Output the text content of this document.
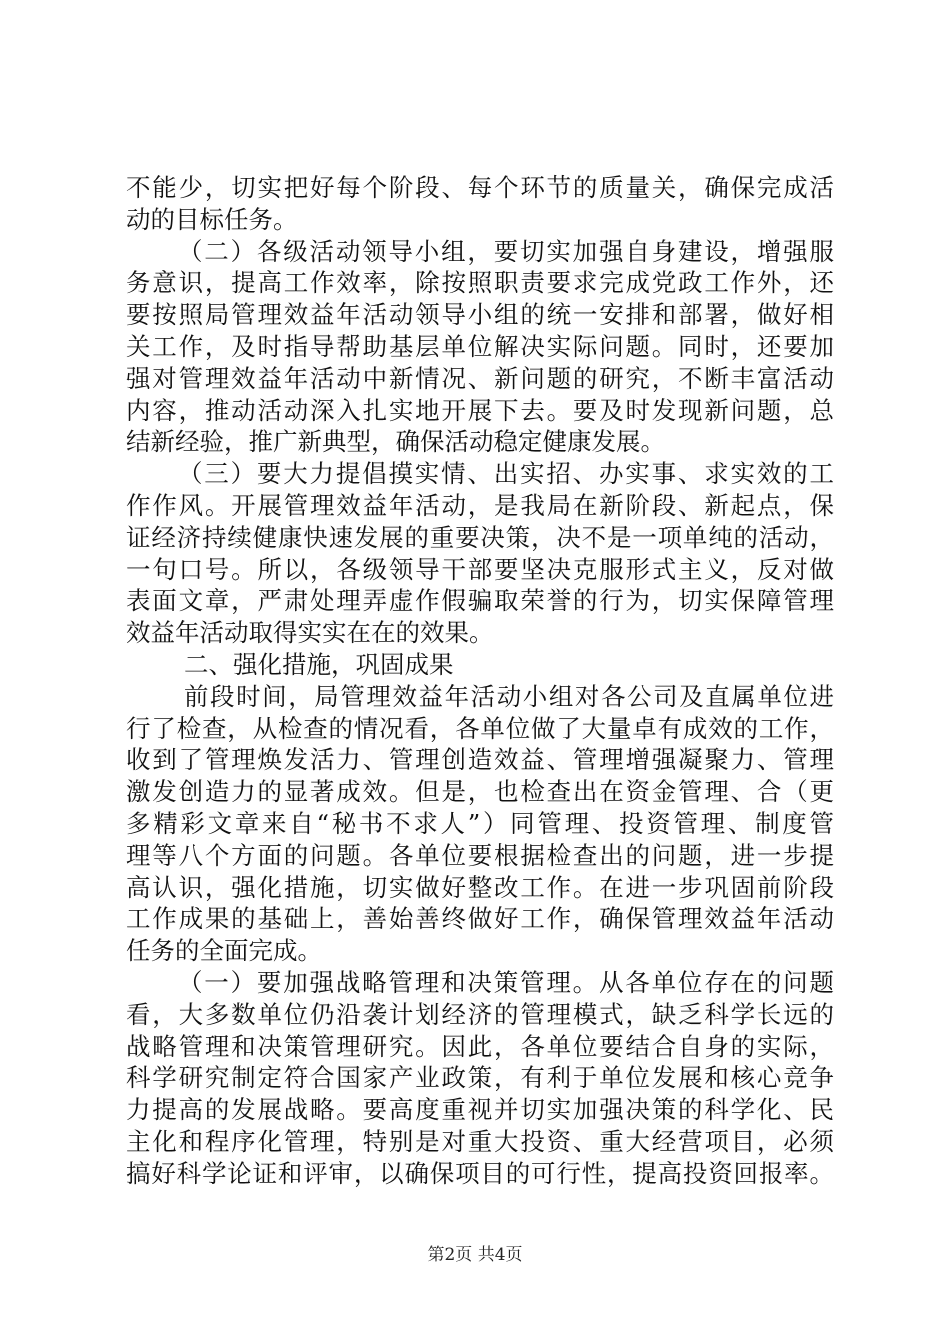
不能少，切实把好每个阶段、每个环节的质量关，确保完成活
动的目标任务。
（二）各级活动领导小组，要切实加强自身建设，增强服
务意识，提高工作效率，除按照职责要求完成党政工作外，还
要按照局管理效益年活动领导小组的统一安排和部署，做好相
关工作，及时指导帮助基层单位解决实际问题。同时，还要加
强对管理效益年活动中新情况、新问题的研究，不断丰富活动
内容，推动活动深入扎实地开展下去。要及时发现新问题，总
结新经验，推广新典型，确保活动稳定健康发展。
（三）要大力提倡摸实情、出实招、办实事、求实效的工
作作风。开展管理效益年活动，是我局在新阶段、新起点，保
证经济持续健康快速发展的重要决策，决不是一项单纯的活动，
一句口号。所以，各级领导干部要坚决克服形式主义，反对做
表面文章，严肃处理弄虚作假骗取荣誉的行为，切实保障管理
效益年活动取得实实在在的效果。
二、强化措施，巩固成果
前段时间，局管理效益年活动小组对各公司及直属单位进
行了检查，从检查的情况看，各单位做了大量卓有成效的工作，
收到了管理焕发活力、管理创造效益、管理增强凝聚力、管理
激发创造力的显著成效。但是，也检查出在资金管理、合（更
多精彩文章来自“秘书不求人”）同管理、投资管理、制度管
理等八个方面的问题。各单位要根据检查出的问题，进一步提
高认识，强化措施，切实做好整改工作。在进一步巩固前阶段
工作成果的基础上，善始善终做好工作，确保管理效益年活动
任务的全面完成。
（一）要加强战略管理和决策管理。从各单位存在的问题
看，大多数单位仍沿袭计划经济的管理模式，缺乏科学长远的
战略管理和决策管理研究。因此，各单位要结合自身的实际，
科学研究制定符合国家产业政策，有利于单位发展和核心竞争
力提高的发展战略。要高度重视并切实加强决策的科学化、民
主化和程序化管理，特别是对重大投资、重大经营项目，必须
搞好科学论证和评审，以确保项目的可行性，提高投资回报率。
第2页 共4页
